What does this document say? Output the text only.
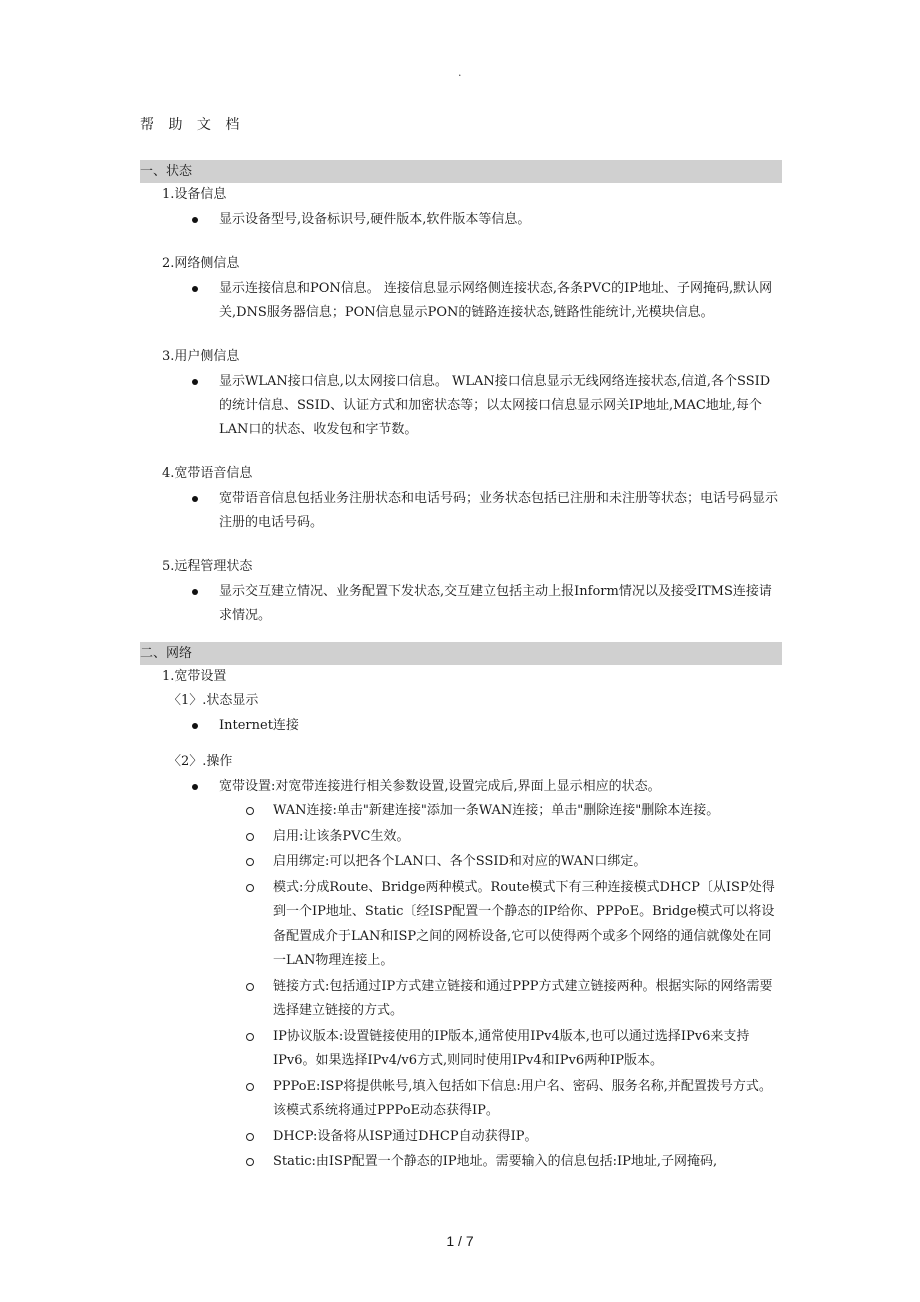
.
帮 助 文 档
一、状态
1.设备信息
显示设备型号,设备标识号,硬件版本,软件版本等信息。
2.网络侧信息
显示连接信息和PON信息。 连接信息显示网络侧连接状态,各条PVC的IP地址、子网掩码,默认网关,DNS服务器信息；PON信息显示PON的链路连接状态,链路性能统计,光模块信息。
3.用户侧信息
显示WLAN接口信息,以太网接口信息。 WLAN接口信息显示无线网络连接状态,信道,各个SSID的统计信息、SSID、认证方式和加密状态等；以太网接口信息显示网关IP地址,MAC地址,每个LAN口的状态、收发包和字节数。
4.宽带语音信息
宽带语音信息包括业务注册状态和电话号码；业务状态包括已注册和未注册等状态；电话号码显示注册的电话号码。
5.远程管理状态
显示交互建立情况、业务配置下发状态,交互建立包括主动上报Inform情况以及接受ITMS连接请求情况。
二、网络
1.宽带设置
〈1〉.状态显示
Internet连接
〈2〉.操作
宽带设置:对宽带连接进行相关参数设置,设置完成后,界面上显示相应的状态。
WAN连接:单击"新建连接"添加一条WAN连接；单击"删除连接"删除本连接。
启用:让该条PVC生效。
启用绑定:可以把各个LAN口、各个SSID和对应的WAN口绑定。
模式:分成Route、Bridge两种模式。Route模式下有三种连接模式DHCP〔从ISP处得到一个IP地址、Static〔经ISP配置一个静态的IP给你、PPPoE。Bridge模式可以将设备配置成介于LAN和ISP之间的网桥设备,它可以使得两个或多个网络的通信就像处在同一LAN物理连接上。
链接方式:包括通过IP方式建立链接和通过PPP方式建立链接两种。根据实际的网络需要选择建立链接的方式。
IP协议版本:设置链接使用的IP版本,通常使用IPv4版本,也可以通过选择IPv6来支持IPv6。如果选择IPv4/v6方式,则同时使用IPv4和IPv6两种IP版本。
PPPoE:ISP将提供帐号,填入包括如下信息:用户名、密码、服务名称,并配置拨号方式。该模式系统将通过PPPoE动态获得IP。
DHCP:设备将从ISP通过DHCP自动获得IP。
Static:由ISP配置一个静态的IP地址。需要输入的信息包括:IP地址,子网掩码,
1 / 7
